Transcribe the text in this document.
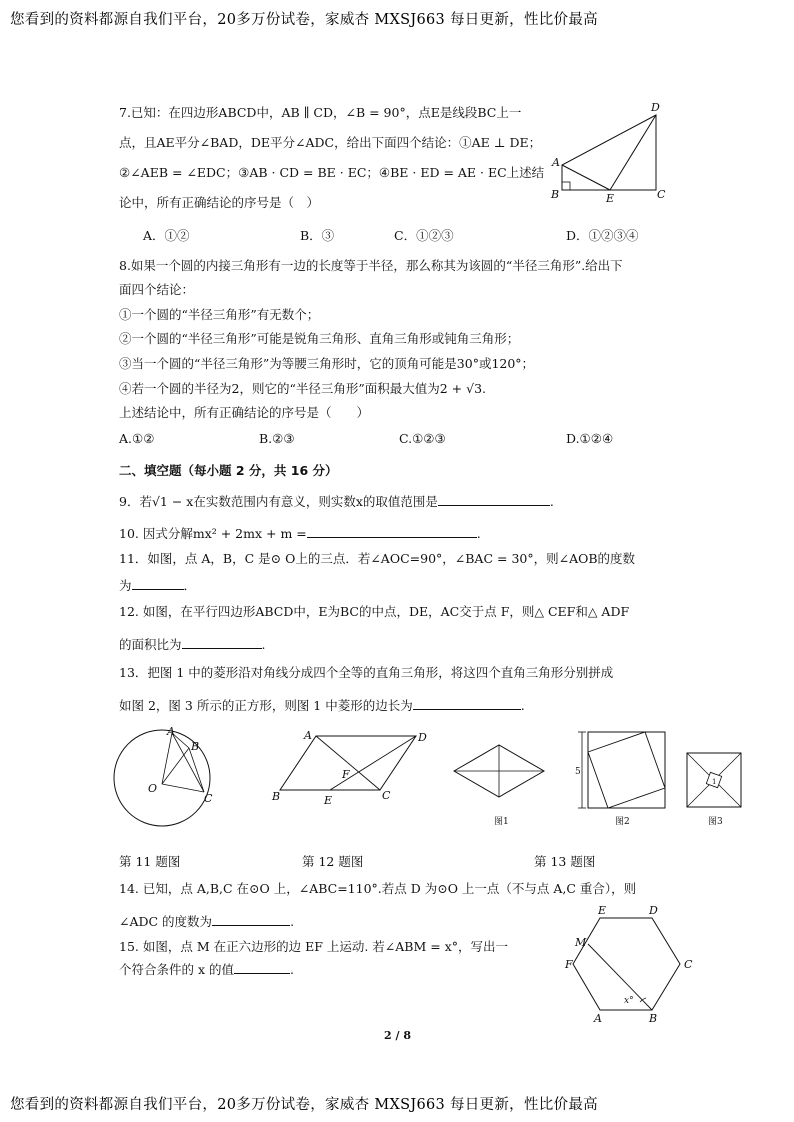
您看到的资料都源自我们平台，20多万份试卷，家威杏 MXSJ663 每日更新，性比价最高
您看到的资料都源自我们平台，20多万份试卷，家威杏 MXSJ663 每日更新，性比价最高
7.已知：在四边形ABCD中，AB ∥ CD，∠B = 90°，点E是线段BC上一
点，且AE平分∠BAD，DE平分∠ADC，给出下面四个结论：①AE ⊥ DE；
②∠AEB = ∠EDC；③AB · CD = BE · EC；④BE · ED = AE · EC上述结
论中，所有正确结论的序号是（　）
A．①②	B．③	C．①②③	D．①②③④
A
B	E	C
D
8.如果一个圆的内接三角形有一边的长度等于半径，那么称其为该圆的“半径三角形”.给出下
面四个结论：
①一个圆的“半径三角形”有无数个；
②一个圆的“半径三角形”可能是锐角三角形、直角三角形或钝角三角形；
③当一个圆的“半径三角形”为等腰三角形时，它的顶角可能是30°或120°；
④若一个圆的半径为2，则它的“半径三角形”面积最大值为2 + √3.
上述结论中，所有正确结论的序号是（　　）
A.①②	B.②③	C.①②③	D.①②④
二、填空题（每小题 2 分，共 16 分）
9．若√1 − x在实数范围内有意义，则实数x的取值范围是	.
10. 因式分解mx² + 2mx + m =	.
11．如图，点 A，B，C 是⊙ O上的三点．若∠AOC=90°，∠BAC = 30°，则∠AOB的度数
为	．
12. 如图，在平行四边形ABCD中，E为BC的中点，DE，AC交于点 F，则△ CEF和△ ADF
的面积比为	.
13．把图 1 中的菱形沿对角线分成四个全等的直角三角形，将这四个直角三角形分别拼成
如图 2，图 3 所示的正方形，则图 1 中菱形的边长为	.
A
B
C
O
A	D
B	E	C
F
图1
5
图2
1
图3
第 11 题图	第 12 题图	第 13 题图
14. 已知，点 A,B,C 在⊙O 上，∠ABC=110°.若点 D 为⊙O 上一点（不与点 A,C 重合），则
∠ADC 的度数为	.
15. 如图，点 M 在正六边形的边 EF 上运动. 若∠ABM = x°，写出一
个符合条件的 x 的值	.
E	D
C
B
A
F
M
x°
2 / 8
